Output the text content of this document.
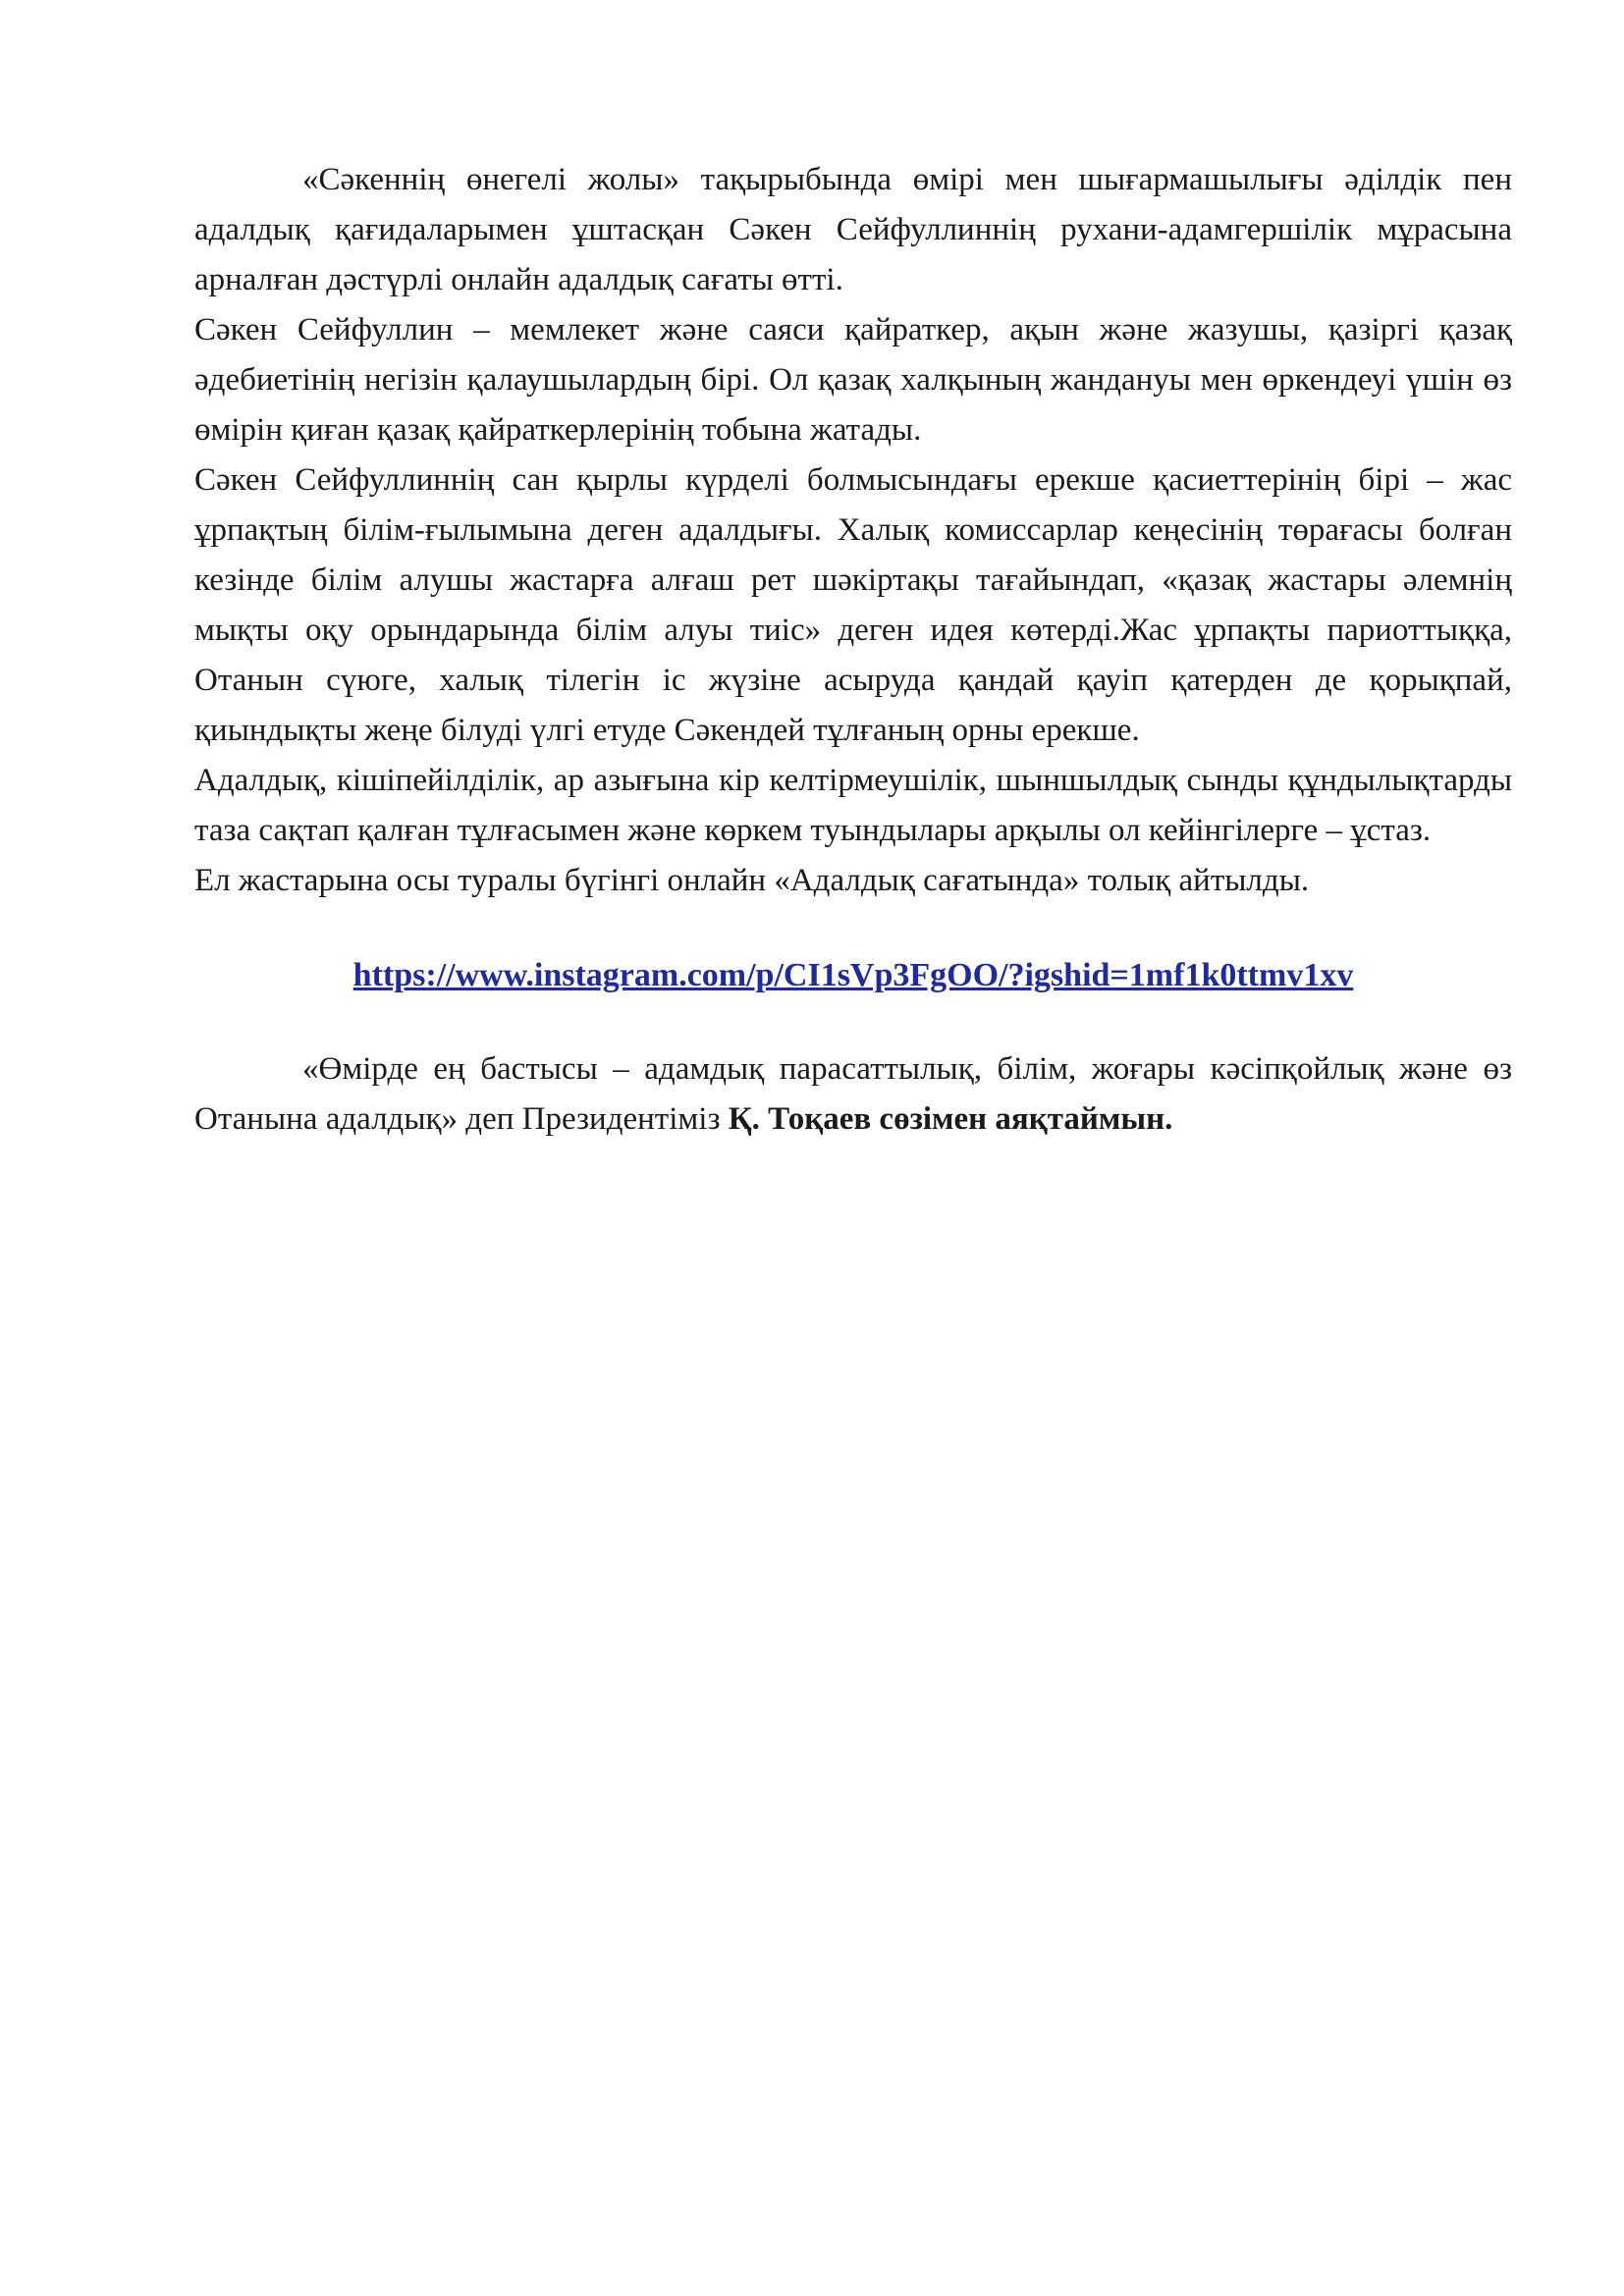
«Сәкеннің өнегелі жолы» тақырыбында өмірі мен шығармашылығы әділдік пен адалдық қағидаларымен ұштасқан Сәкен Сейфуллиннің рухани-адамгершілік мұрасына арналған дәстүрлі онлайн адалдық сағаты өтті.

Сәкен Сейфуллин – мемлекет және саяси қайраткер, ақын және жазушы, қазіргі қазақ әдебиетінің негізін қалаушылардың бірі. Ол қазақ халқының жандануы мен өркендеуі үшін өз өмірін қиған қазақ қайраткерлерінің тобына жатады.

Сәкен Сейфуллиннің сан қырлы күрделі болмысындағы ерекше қасиеттерінің бірі – жас ұрпақтың білім-ғылымына деген адалдығы. Халық комиссарлар кеңесінің төрағасы болған кезінде білім алушы жастарға алғаш рет шәкіртақы тағайындап, «қазақ жастары әлемнің мықты оқу орындарында білім алуы тиіс» деген идея көтерді.Жас ұрпақты париоттыққа, Отанын сүюге, халық тілегін іс жүзіне асыруда қандай қауіп қатерден де қорықпай, қиындықты жеңе білуді үлгі етуде Сәкендей тұлғаның орны ерекше.

Адалдық, кішіпейілділік, ар азығына кір келтірмеушілік, шыншылдық сынды құндылықтарды таза сақтап қалған тұлғасымен және көркем туындылары арқылы ол кейінгілерге – ұстаз.

Ел жастарына осы туралы бүгінгі онлайн «Адалдық сағатында» толық айтылды.

https://www.instagram.com/p/CI1sVp3FgOO/?igshid=1mf1k0ttmv1xv

«Өмірде ең бастысы – адамдық парасаттылық, білім, жоғары кәсіпқойлық және өз Отанына адалдық» деп Президентіміз Қ. Тоқаев сөзімен аяқтаймын.
